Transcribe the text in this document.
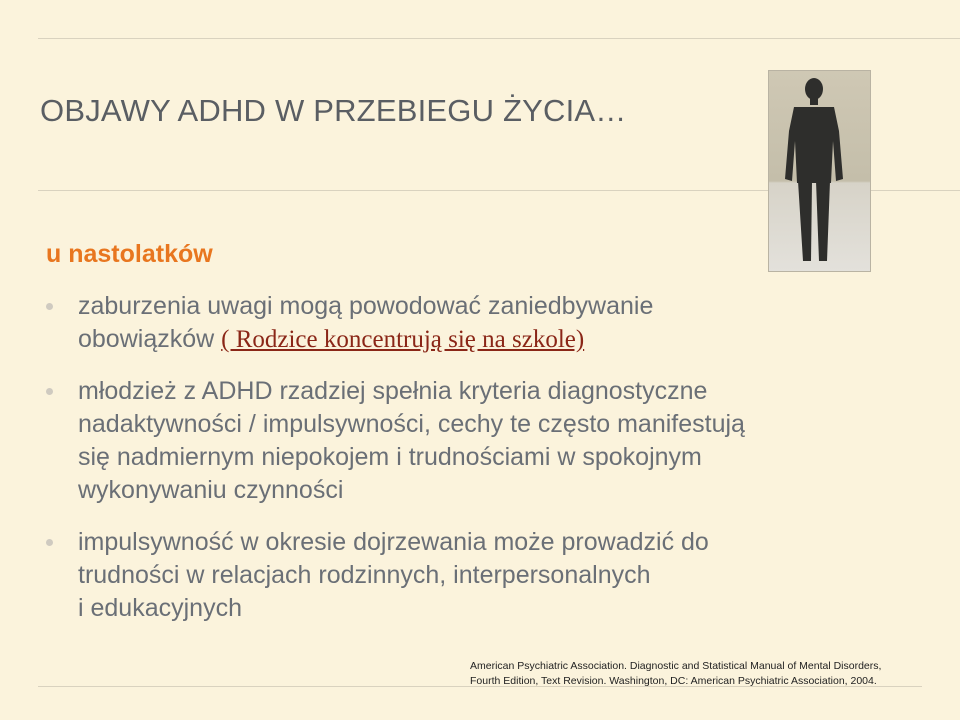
OBJAWY ADHD W PRZEBIEGU ŻYCIA…
u nastolatków
zaburzenia uwagi mogą powodować zaniedbywanie
obowiązków ( Rodzice koncentrują się na szkole)
młodzież z ADHD rzadziej spełnia kryteria diagnostyczne
nadaktywności / impulsywności, cechy te często manifestują
się nadmiernym niepokojem i trudnościami w spokojnym
wykonywaniu czynności
impulsywność w okresie dojrzewania może prowadzić do
trudności w relacjach rodzinnych, interpersonalnych
i edukacyjnych
American Psychiatric Association. Diagnostic and Statistical Manual of Mental Disorders,
Fourth Edition, Text Revision. Washington, DC: American Psychiatric Association, 2004.
